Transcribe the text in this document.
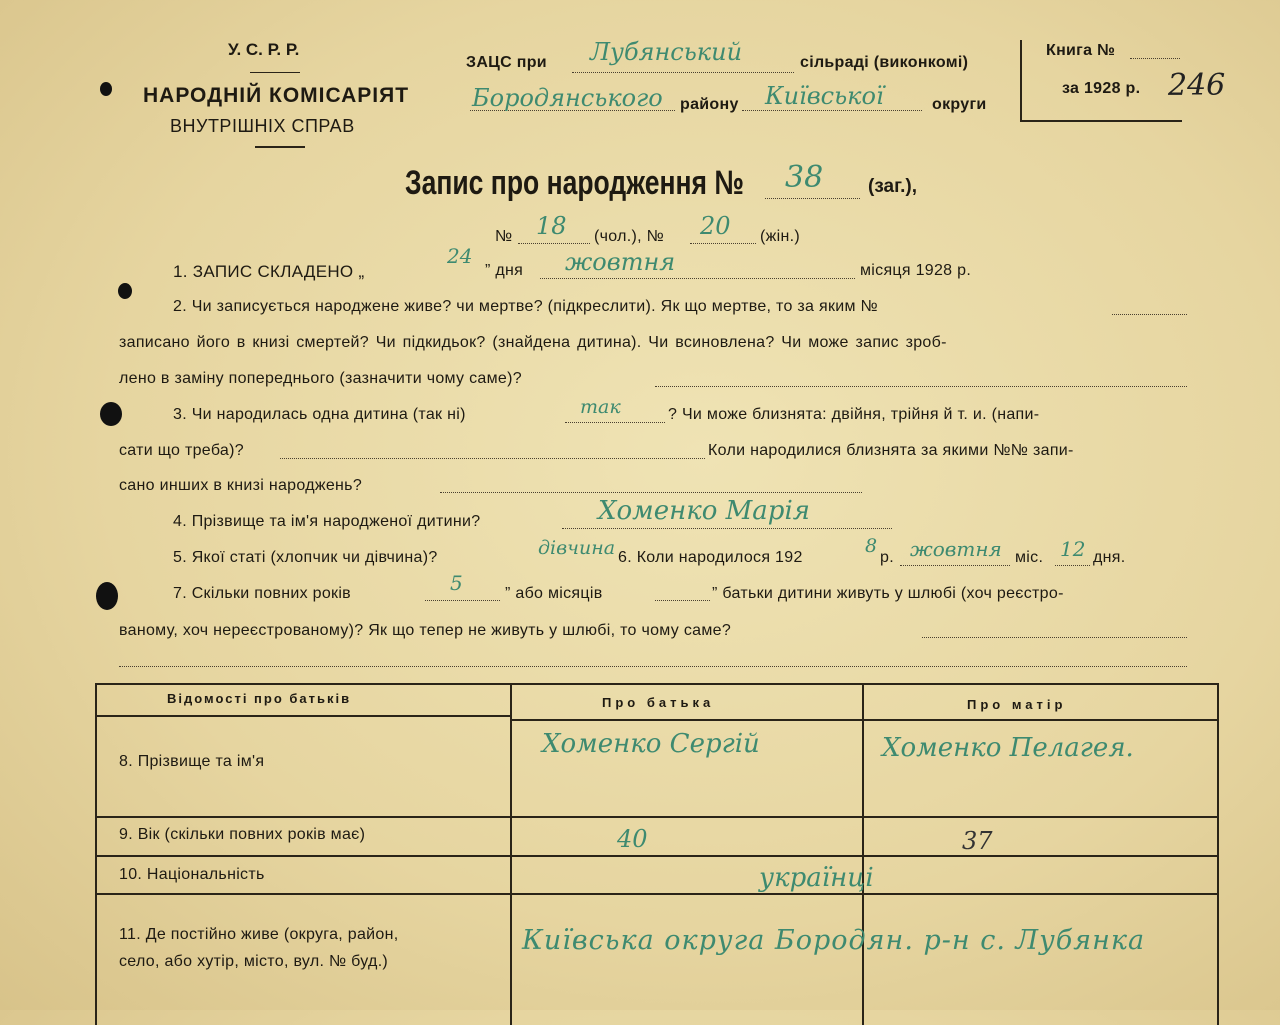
У. С. Р. Р.
НАРОДНІЙ КОМІСАРІЯТ
ВНУТРІШНІХ СПРАВ
ЗАЦС при Лубянський	сільраді (виконкомі)
Бородянського району Київської	округи
Книга №
за 1928 р. 246
Запис про народження № 38 (заг.),
№ 18 (чол.), № 20 (жін.)
1. ЗАПИС СКЛАДЕНО „
24
” дня жовтня	місяця 1928 р.
2. Чи записується народжене живе? чи мертве? (підкреслити). Як що мертве, то за яким №
записано його в книзі смертей? Чи підкидьок? (знайдена дитина). Чи всиновлена? Чи може запис зроб-
лено в заміну попереднього (зазначити чому саме)?
3. Чи народилась одна дитина (так ні)	так	? Чи може близнята: двійня, трійня й т. и. (напи-
сати що треба)?	Коли народилися близнята за якими №№ запи-
сано инших в книзі народжень?
4. Прізвище та ім'я народженої дитини?	Хоменко Марія
5. Якої статі (хлопчик чи дівчина)?	дівчина 6. Коли народилося 192
8
р. жовтня міс. 12 дня.
7. Скільки повних років	5	” або місяців	” батьки дитини живуть у шлюбі (хоч реєстро-
ваному, хоч нереєстрованому)? Як що тепер не живуть у шлюбі, то чому саме?
Відомості про батьків	Про батька	Про матір
8. Прізвище та ім'я
Хоменко Сергій	Хоменко Пелагея.
9. Вік (скільки повних років має)	40	37
10. Національність	українці
11. Де постійно живе (округа, район,
село, або хутір, місто, вул. № буд.)
Київська округа Бородян. р-н с. Лубянка
